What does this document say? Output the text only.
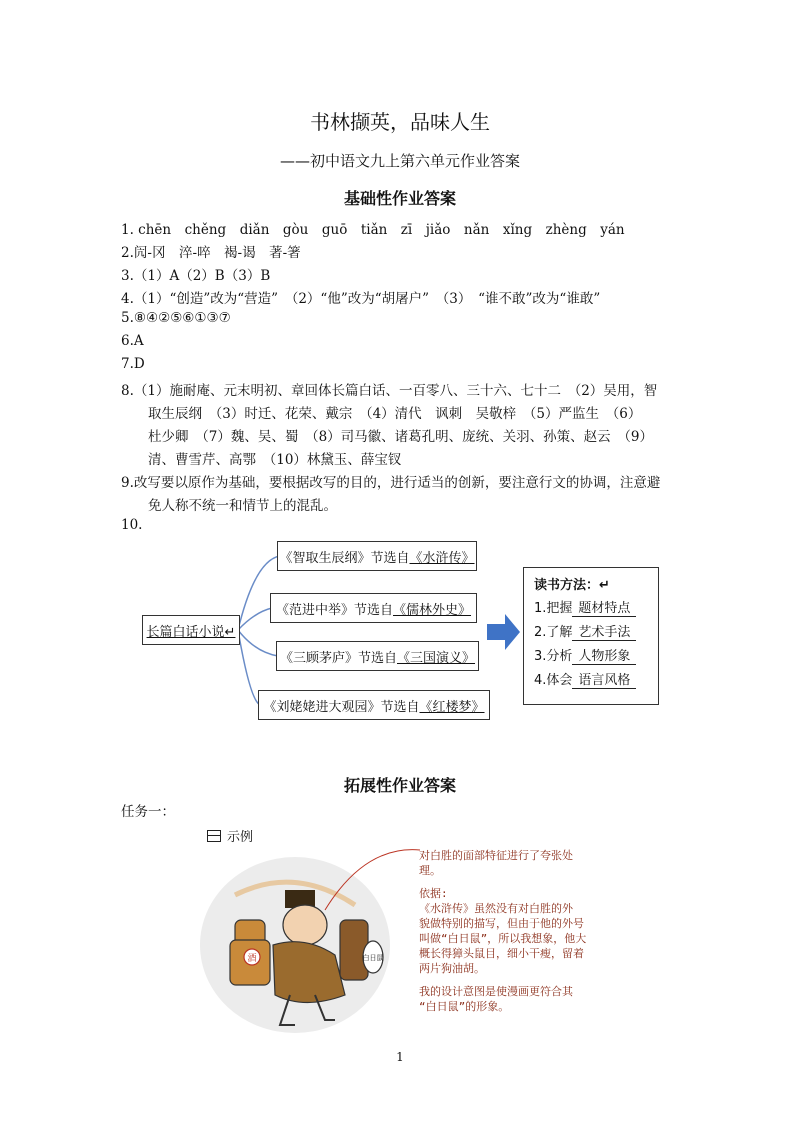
书林撷英，品味人生
——初中语文九上第六单元作业答案
基础性作业答案
1. chēn　chěng　diǎn　gòu　guō　tiǎn　zī　jiǎo　nǎn　xǐng　zhèng　yán
2.闶-冈　淬-啐　褐-谒　著-箸
3.（1）A（2）B（3）B
4.（1）“创造”改为“营造”　（2）“他”改为“胡屠户”　（3）　“谁不敢”改为“谁敢”
5.⑧④②⑤⑥①③⑦
6.A
7.D
8.（1）施耐庵、元末明初、章回体长篇白话、一百零八、三十六、七十二　（2）吴用，智
取生辰纲　（3）时迁、花荣、戴宗　（4）清代　讽刺　吴敬梓　（5）严监生　（6）
杜少卿　（7）魏、吴、蜀　（8）司马徽、诸葛孔明、庞统、关羽、孙策、赵云　（9）
清、曹雪芹、高鄂　（10）林黛玉、薛宝钗
9.改写要以原作为基础，要根据改写的目的，进行适当的创新，要注意行文的协调，注意避
免人称不统一和情节上的混乱。
10.
长篇白话小说↵
《智取生辰纲》节选自 《水浒传》
《范进中举》节选自 《儒林外史》
《三顾茅庐》节选自 《三国演义》
《刘姥姥进大观园》节选自 《红楼梦》
读书方法：↵
1.把握 题材特点
2.了解 艺术手法
3.分析 人物形象
4.体会 语言风格
拓展性作业答案
任务一：
示例
酒	白日鼠
对白胜的面部特征进行了夸张处
理。
依据:
《水浒传》虽然没有对白胜的外
貌做特别的描写，但由于他的外号
叫做“白日鼠”，所以我想象，他大
概长得獐头鼠目，细小干瘦，留着
两片狗油胡。
我的设计意图是使漫画更符合其
“白日鼠”的形象。
1
